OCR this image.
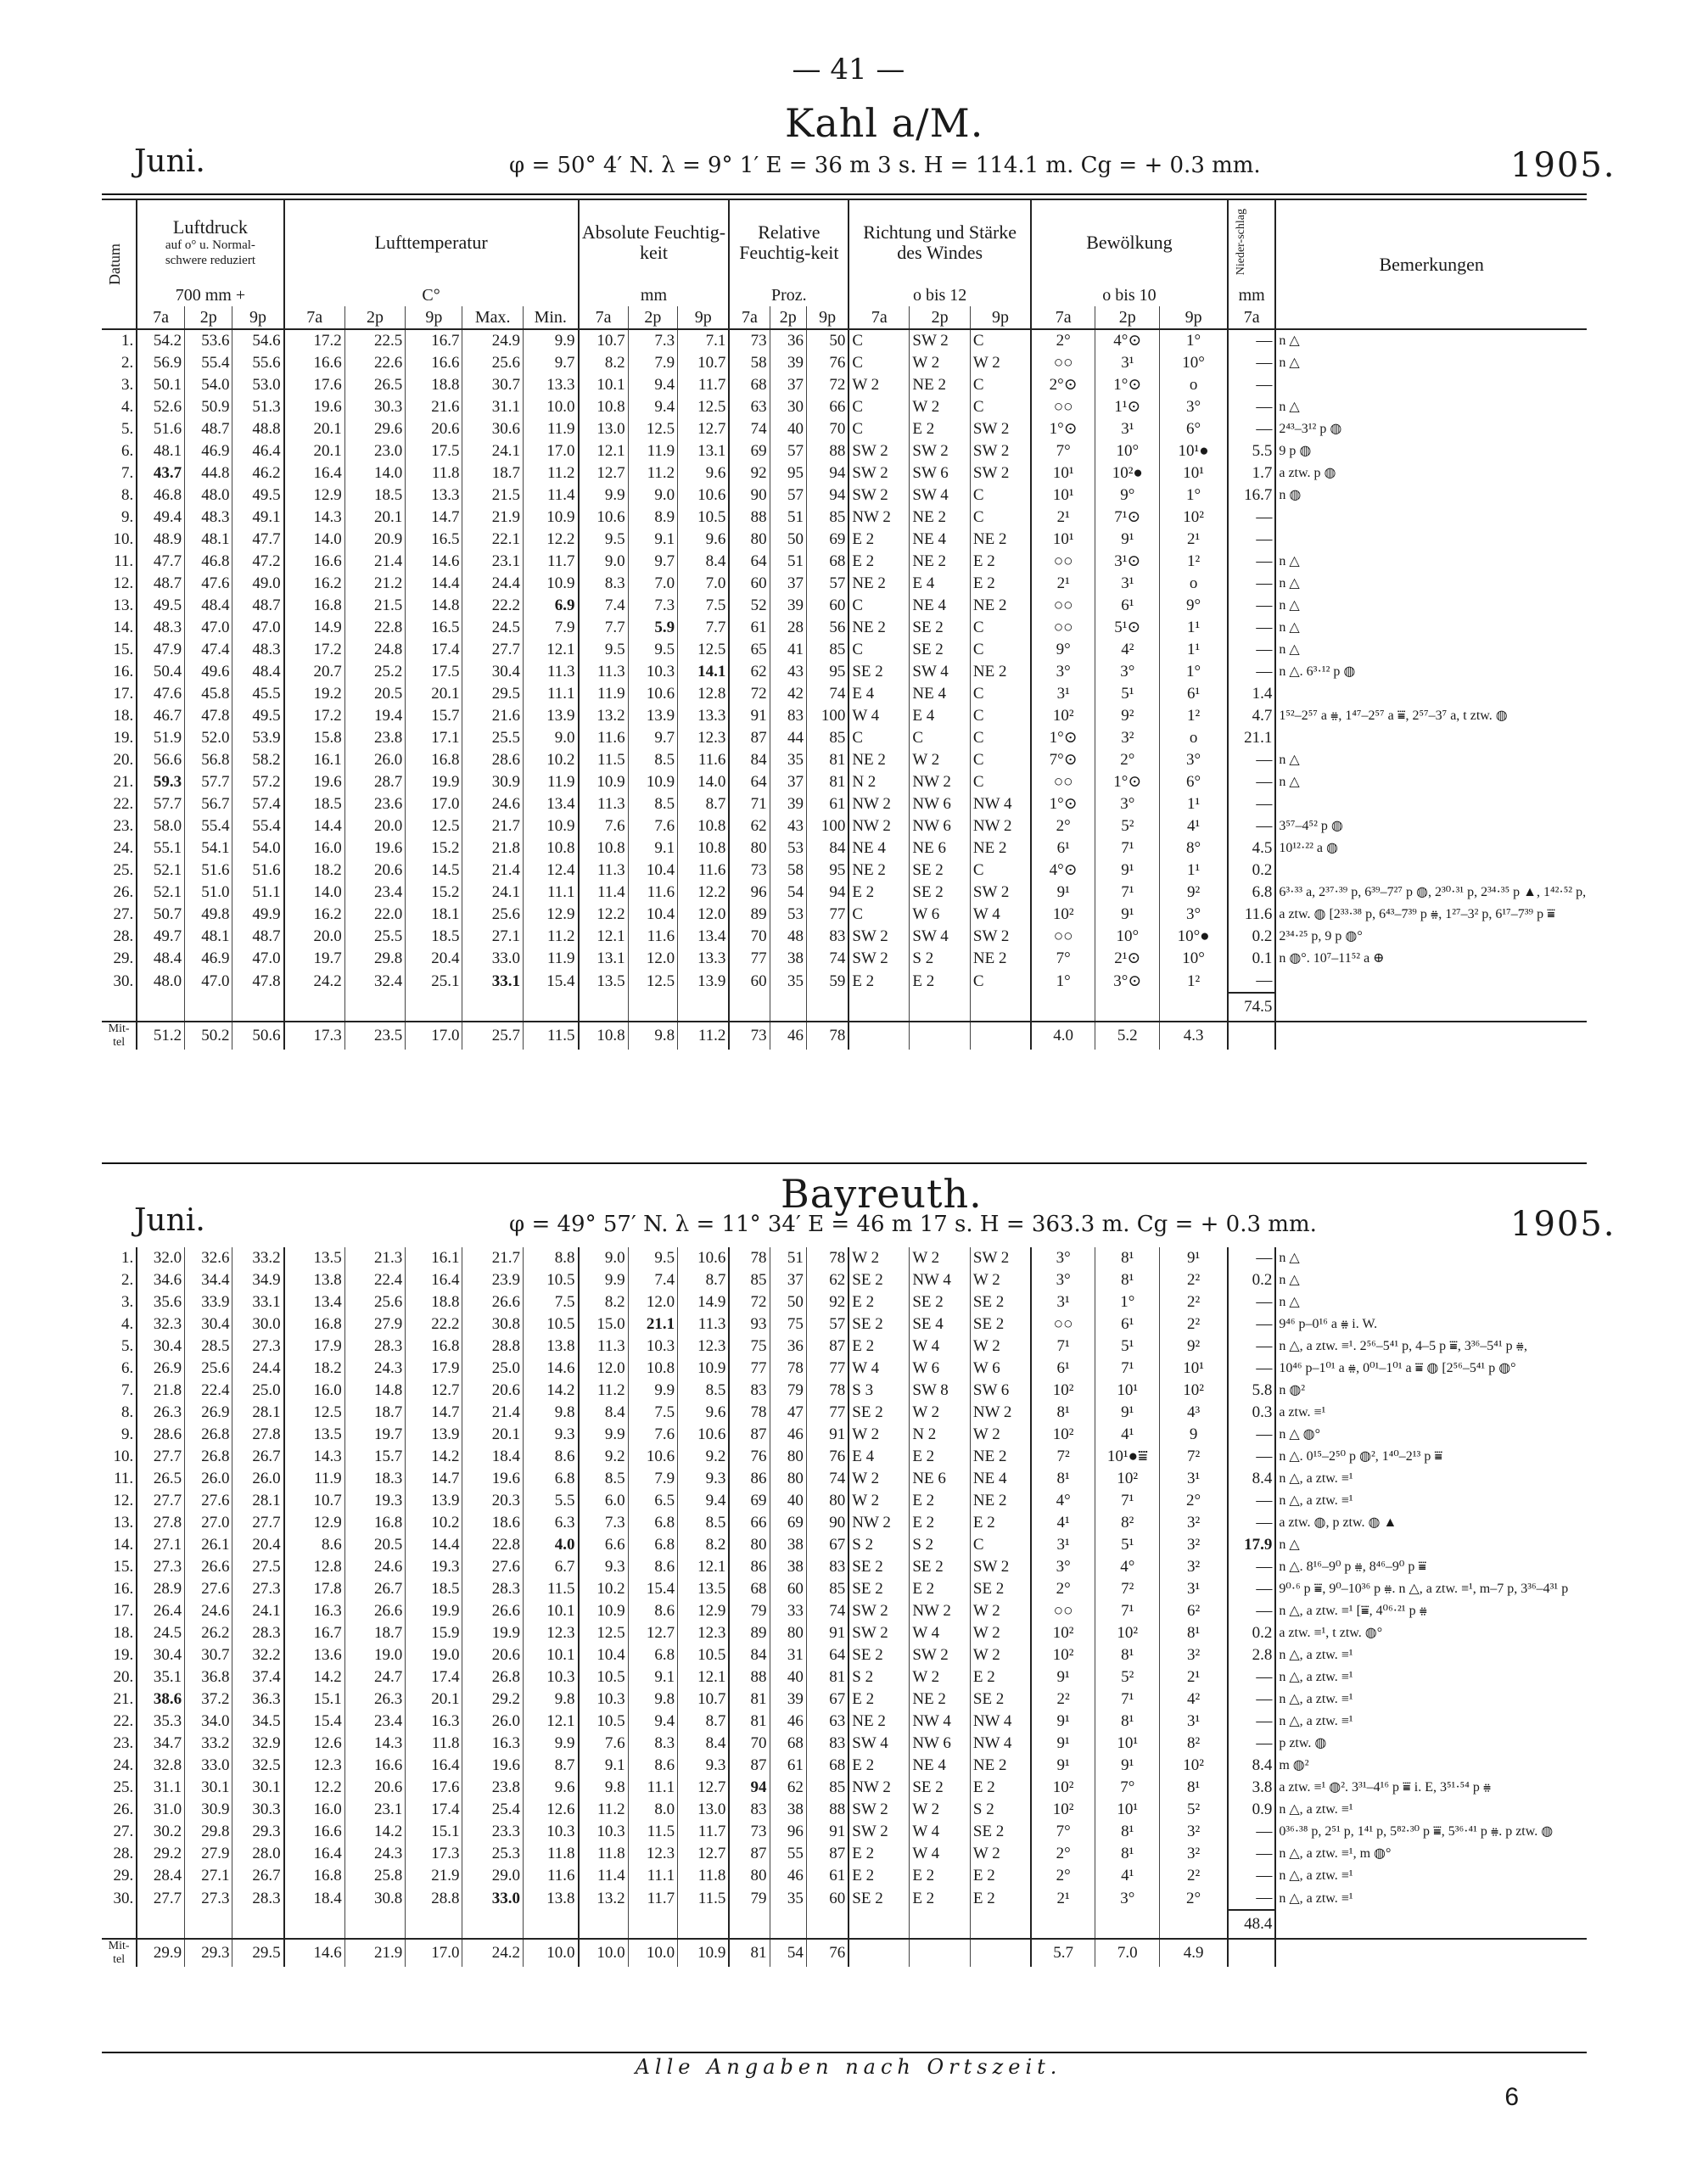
— 41 —
Kahl a/M.
Juni.	φ = 50° 4′ N. λ = 9° 1′ E = 36 m 3 s. H = 114.1 m. Cg = + 0.3 mm.	1905.
Bayreuth.
Juni.	φ = 49° 57′ N. λ = 11° 34′ E = 46 m 17 s. H = 363.3 m. Cg = + 0.3 mm.	1905.
Datum	Luftdruck
auf o° u. Normal-
schwere reduziert			Lufttemperatur					Absolute Feuchtig-keit			Relative Feuchtig-keit			Richtung und Stärke des Windes			Bewölkung			Nieder-schlag	Bemerkungen
	700 mm +			C°					mm			Proz.			o bis 12			o bis 10			mm	
	7a	2p	9p	7a	2p	9p	Max.	Min.	7a	2p	9p	7a	2p	9p	7a	2p	9p	7a	2p	9p	7a	
1.	54.2	53.6	54.6	17.2	22.5	16.7	24.9	9.9	10.7	7.3	7.1	73	36	50	C	SW 2	C	2°	4°⊙	1°	—	n △
2.	56.9	55.4	55.6	16.6	22.6	16.6	25.6	9.7	8.2	7.9	10.7	58	39	76	C	W 2	W 2	○○	3¹	10°	—	n △
3.	50.1	54.0	53.0	17.6	26.5	18.8	30.7	13.3	10.1	9.4	11.7	68	37	72	W 2	NE 2	C	2°⊙	1°⊙	o	—	
4.	52.6	50.9	51.3	19.6	30.3	21.6	31.1	10.0	10.8	9.4	12.5	63	30	66	C	W 2	C	○○	1¹⊙	3°	—	n △
5.	51.6	48.7	48.8	20.1	29.6	20.6	30.6	11.9	13.0	12.5	12.7	74	40	70	C	E 2	SW 2	1°⊙	3¹	6°	—	2⁴³–3¹² p ◍
6.	48.1	46.9	46.4	20.1	23.0	17.5	24.1	17.0	12.1	11.9	13.1	69	57	88	SW 2	SW 2	SW 2	7°	10°	10¹●	5.5	9 p ◍
7.	43.7	44.8	46.2	16.4	14.0	11.8	18.7	11.2	12.7	11.2	9.6	92	95	94	SW 2	SW 6	SW 2	10¹	10²●	10¹	1.7	a ztw. p ◍
8.	46.8	48.0	49.5	12.9	18.5	13.3	21.5	11.4	9.9	9.0	10.6	90	57	94	SW 2	SW 4	C	10¹	9°	1°	16.7	n ◍
9.	49.4	48.3	49.1	14.3	20.1	14.7	21.9	10.9	10.6	8.9	10.5	88	51	85	NW 2	NE 2	C	2¹	7¹⊙	10²	—	
10.	48.9	48.1	47.7	14.0	20.9	16.5	22.1	12.2	9.5	9.1	9.6	80	50	69	E 2	NE 4	NE 2	10¹	9¹	2¹	—	
11.	47.7	46.8	47.2	16.6	21.4	14.6	23.1	11.7	9.0	9.7	8.4	64	51	68	E 2	NE 2	E 2	○○	3¹⊙	1²	—	n △
12.	48.7	47.6	49.0	16.2	21.2	14.4	24.4	10.9	8.3	7.0	7.0	60	37	57	NE 2	E 4	E 2	2¹	3¹	o	—	n △
13.	49.5	48.4	48.7	16.8	21.5	14.8	22.2	6.9	7.4	7.3	7.5	52	39	60	C	NE 4	NE 2	○○	6¹	9°	—	n △
14.	48.3	47.0	47.0	14.9	22.8	16.5	24.5	7.9	7.7	5.9	7.7	61	28	56	NE 2	SE 2	C	○○	5¹⊙	1¹	—	n △
15.	47.9	47.4	48.3	17.2	24.8	17.4	27.7	12.1	9.5	9.5	12.5	65	41	85	C	SE 2	C	9°	4²	1¹	—	n △
16.	50.4	49.6	48.4	20.7	25.2	17.5	30.4	11.3	11.3	10.3	14.1	62	43	95	SE 2	SW 4	NE 2	3°	3°	1°	—	n △. 6³·¹² p ◍
17.	47.6	45.8	45.5	19.2	20.5	20.1	29.5	11.1	11.9	10.6	12.8	72	42	74	E 4	NE 4	C	3¹	5¹	6¹	1.4	
18.	46.7	47.8	49.5	17.2	19.4	15.7	21.6	13.9	13.2	13.9	13.3	91	83	100	W 4	E 4	C	10²	9²	1²	4.7	1⁵²–2⁵⁷ a ⩷, 1⁴⁷–2⁵⁷ a ⩸, 2⁵⁷–3⁷ a, t ztw. ◍
19.	51.9	52.0	53.9	15.8	23.8	17.1	25.5	9.0	11.6	9.7	12.3	87	44	85	C	C	C	1°⊙	3²	o	21.1	
20.	56.6	56.8	58.2	16.1	26.0	16.8	28.6	10.2	11.5	8.5	11.6	84	35	81	NE 2	W 2	C	7°⊙	2°	3°	—	n △
21.	59.3	57.7	57.2	19.6	28.7	19.9	30.9	11.9	10.9	10.9	14.0	64	37	81	N 2	NW 2	C	○○	1°⊙	6°	—	n △
22.	57.7	56.7	57.4	18.5	23.6	17.0	24.6	13.4	11.3	8.5	8.7	71	39	61	NW 2	NW 6	NW 4	1°⊙	3°	1¹	—	
23.	58.0	55.4	55.4	14.4	20.0	12.5	21.7	10.9	7.6	7.6	10.8	62	43	100	NW 2	NW 6	NW 2	2°	5²	4¹	—	3⁵⁷–4⁵² p ◍
24.	55.1	54.1	54.0	16.0	19.6	15.2	21.8	10.8	10.8	9.1	10.8	80	53	84	NE 4	NE 6	NE 2	6¹	7¹	8°	4.5	10¹²·²² a ◍
25.	52.1	51.6	51.6	18.2	20.6	14.5	21.4	12.4	11.3	10.4	11.6	73	58	95	NE 2	SE 2	C	4°⊙	9¹	1¹	0.2	
26.	52.1	51.0	51.1	14.0	23.4	15.2	24.1	11.1	11.4	11.6	12.2	96	54	94	E 2	SE 2	SW 2	9¹	7¹	9²	6.8	6³·³³ a, 2³⁷·³⁹ p, 6³⁹–7²⁷ p ◍, 2³⁰·³¹ p, 2³⁴·³⁵ p ▲, 1⁴²·⁵² p,
27.	50.7	49.8	49.9	16.2	22.0	18.1	25.6	12.9	12.2	10.4	12.0	89	53	77	C	W 6	W 4	10²	9¹	3°	11.6	a ztw. ◍ [2³³·³⁸ p, 6⁴³–7³⁹ p ⩷, 1²⁷–3² p, 6¹⁷–7³⁹ p ⩸
28.	49.7	48.1	48.7	20.0	25.5	18.5	27.1	11.2	12.1	11.6	13.4	70	48	83	SW 2	SW 4	SW 2	○○	10°	10°●	0.2	2³⁴·²⁵ p, 9 p ◍°
29.	48.4	46.9	47.0	19.7	29.8	20.4	33.0	11.9	13.1	12.0	13.3	77	38	74	SW 2	S 2	NE 2	7°	2¹⊙	10°	0.1	n ◍°. 10⁷–11⁵² a ⊕
30.	48.0	47.0	47.8	24.2	32.4	25.1	33.1	15.4	13.5	12.5	13.9	60	35	59	E 2	E 2	C	1°	3°⊙	1²	—	
																					74.5	
Mit-tel	51.2	50.2	50.6	17.3	23.5	17.0	25.7	11.5	10.8	9.8	11.2	73	46	78				4.0	5.2	4.3		
1.	32.0	32.6	33.2	13.5	21.3	16.1	21.7	8.8	9.0	9.5	10.6	78	51	78	W 2	W 2	SW 2	3°	8¹	9¹	—	n △
2.	34.6	34.4	34.9	13.8	22.4	16.4	23.9	10.5	9.9	7.4	8.7	85	37	62	SE 2	NW 4	W 2	3°	8¹	2²	0.2	n △
3.	35.6	33.9	33.1	13.4	25.6	18.8	26.6	7.5	8.2	12.0	14.9	72	50	92	E 2	SE 2	SE 2	3¹	1°	2²	—	n △
4.	32.3	30.4	30.0	16.8	27.9	22.2	30.8	10.5	15.0	21.1	11.3	93	75	57	SE 2	SE 4	SE 2	○○	6¹	2²	—	9⁴⁶ p–0¹⁶ a ⩷ i. W.
5.	30.4	28.5	27.3	17.9	28.3	16.8	28.8	13.8	11.3	10.3	12.3	75	36	87	E 2	W 4	W 2	7¹	5¹	9²	—	n △, a ztw. ≡¹. 2⁵⁶–5⁴¹ p, 4–5 p ⩸, 3³⁶–5⁴¹ p ⩷,
6.	26.9	25.6	24.4	18.2	24.3	17.9	25.0	14.6	12.0	10.8	10.9	77	78	77	W 4	W 6	W 6	6¹	7¹	10¹	—	10⁴⁶ p–1⁰¹ a ⩷, 0⁰¹–1⁰¹ a ⩸ ◍ [2⁵⁶–5⁴¹ p ◍°
7.	21.8	22.4	25.0	16.0	14.8	12.7	20.6	14.2	11.2	9.9	8.5	83	79	78	S 3	SW 8	SW 6	10²	10¹	10²	5.8	n ◍²
8.	26.3	26.9	28.1	12.5	18.7	14.7	21.4	9.8	8.4	7.5	9.6	78	47	77	SE 2	W 2	NW 2	8¹	9¹	4³	0.3	a ztw. ≡¹
9.	28.6	26.8	27.8	13.5	19.7	13.9	20.1	9.3	9.9	7.6	10.6	87	46	91	W 2	N 2	W 2	10²	4¹	9	—	n △ ◍°
10.	27.7	26.8	26.7	14.3	15.7	14.2	18.4	8.6	9.2	10.6	9.2	76	80	76	E 4	E 2	NE 2	7²	10¹●⩸	7²	—	n △. 0¹⁵–2⁵⁰ p ◍², 1⁴⁰–2¹³ p ⩸
11.	26.5	26.0	26.0	11.9	18.3	14.7	19.6	6.8	8.5	7.9	9.3	86	80	74	W 2	NE 6	NE 4	8¹	10²	3¹	8.4	n △, a ztw. ≡¹
12.	27.7	27.6	28.1	10.7	19.3	13.9	20.3	5.5	6.0	6.5	9.4	69	40	80	W 2	E 2	NE 2	4°	7¹	2°	—	n △, a ztw. ≡¹
13.	27.8	27.0	27.7	12.9	16.8	10.2	18.6	6.3	7.3	6.8	8.5	66	69	90	NW 2	E 2	E 2	4¹	8²	3²	—	a ztw. ◍, p ztw. ◍ ▲
14.	27.1	26.1	20.4	8.6	20.5	14.4	22.8	4.0	6.6	6.8	8.2	80	38	67	S 2	S 2	C	3¹	5¹	3²	17.9	n △
15.	27.3	26.6	27.5	12.8	24.6	19.3	27.6	6.7	9.3	8.6	12.1	86	38	83	SE 2	SE 2	SW 2	3°	4°	3²	—	n △. 8¹⁶–9⁰ p ⩷, 8⁴⁶–9⁰ p ⩸
16.	28.9	27.6	27.3	17.8	26.7	18.5	28.3	11.5	10.2	15.4	13.5	68	60	85	SE 2	E 2	SE 2	2°	7²	3¹	—	9⁰·⁶ p ⩸, 9⁰–10³⁶ p ⩷. n △, a ztw. ≡¹, m–7 p, 3³⁶–4³¹ p
17.	26.4	24.6	24.1	16.3	26.6	19.9	26.6	10.1	10.9	8.6	12.9	79	33	74	SW 2	NW 2	W 2	○○	7¹	6²	—	n △, a ztw. ≡¹ [⩸, 4⁰⁶·²¹ p ⩷
18.	24.5	26.2	28.3	16.7	18.7	15.9	19.9	12.3	12.5	12.7	12.3	89	80	91	SW 2	W 4	W 2	10²	10²	8¹	0.2	a ztw. ≡¹, t ztw. ◍°
19.	30.4	30.7	32.2	13.6	19.0	19.0	20.6	10.1	10.4	6.8	10.5	84	31	64	SE 2	SW 2	W 2	10²	8¹	3²	2.8	n △, a ztw. ≡¹
20.	35.1	36.8	37.4	14.2	24.7	17.4	26.8	10.3	10.5	9.1	12.1	88	40	81	S 2	W 2	E 2	9¹	5²	2¹	—	n △, a ztw. ≡¹
21.	38.6	37.2	36.3	15.1	26.3	20.1	29.2	9.8	10.3	9.8	10.7	81	39	67	E 2	NE 2	SE 2	2²	7¹	4²	—	n △, a ztw. ≡¹
22.	35.3	34.0	34.5	15.4	23.4	16.3	26.0	12.1	10.5	9.4	8.7	81	46	63	NE 2	NW 4	NW 4	9¹	8¹	3¹	—	n △, a ztw. ≡¹
23.	34.7	33.2	32.9	12.6	14.3	11.8	16.3	9.9	7.6	8.3	8.4	70	68	83	SW 4	NW 6	NW 4	9¹	10¹	8²	—	p ztw. ◍
24.	32.8	33.0	32.5	12.3	16.6	16.4	19.6	8.7	9.1	8.6	9.3	87	61	68	E 2	NE 4	NE 2	9¹	9¹	10²	8.4	m ◍²
25.	31.1	30.1	30.1	12.2	20.6	17.6	23.8	9.6	9.8	11.1	12.7	94	62	85	NW 2	SE 2	E 2	10²	7°	8¹	3.8	a ztw. ≡¹ ◍². 3³¹–4¹⁶ p ⩸ i. E, 3⁵¹·⁵⁴ p ⩷
26.	31.0	30.9	30.3	16.0	23.1	17.4	25.4	12.6	11.2	8.0	13.0	83	38	88	SW 2	W 2	S 2	10²	10¹	5²	0.9	n △, a ztw. ≡¹
27.	30.2	29.8	29.3	16.6	14.2	15.1	23.3	10.3	10.3	11.5	11.7	73	96	91	SW 2	W 4	SE 2	7°	8¹	3²	—	0³⁶·³⁸ p, 2⁵¹ p, 1⁴¹ p, 5⁸²·³⁰ p ⩸, 5³⁶·⁴¹ p ⩷. p ztw. ◍
28.	29.2	27.9	28.0	16.4	24.3	17.3	25.3	11.8	11.8	12.3	12.7	87	55	87	E 2	W 4	W 2	2°	8¹	3²	—	n △, a ztw. ≡¹, m ◍°
29.	28.4	27.1	26.7	16.8	25.8	21.9	29.0	11.6	11.4	11.1	11.8	80	46	61	E 2	E 2	E 2	2°	4¹	2²	—	n △, a ztw. ≡¹
30.	27.7	27.3	28.3	18.4	30.8	28.8	33.0	13.8	13.2	11.7	11.5	79	35	60	SE 2	E 2	E 2	2¹	3°	2°	—	n △, a ztw. ≡¹
																					48.4	
Mit-tel	29.9	29.3	29.5	14.6	21.9	17.0	24.2	10.0	10.0	10.0	10.9	81	54	76				5.7	7.0	4.9		
Alle Angaben nach Ortszeit.
6
